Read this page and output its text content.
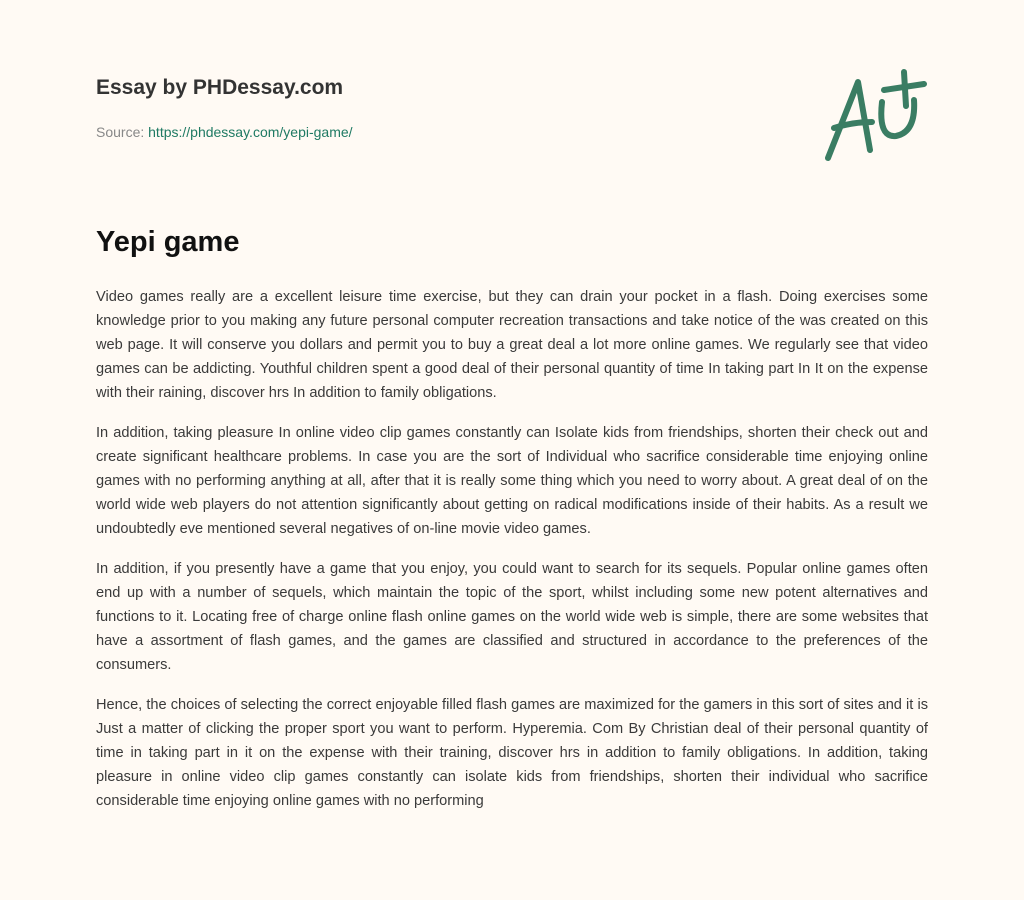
Essay by PHDessay.com
Source: https://phdessay.com/yepi-game/
Yepi game

Video games really are a excellent leisure time exercise, but they can drain your pocket in a flash. Doing exercises some knowledge prior to you making any future personal computer recreation transactions and take notice of the was created on this web page. It will conserve you dollars and permit you to buy a great deal a lot more online games. We regularly see that video games can be addicting. Youthful children spent a good deal of their personal quantity of time In taking part In It on the expense with their raining, discover hrs In addition to family obligations.

In addition, taking pleasure In online video clip games constantly can Isolate kids from friendships, shorten their check out and create significant healthcare problems. In case you are the sort of Individual who sacrifice considerable time enjoying online games with no performing anything at all, after that it is really some thing which you need to worry about. A great deal of on the world wide web players do not attention significantly about getting on radical modifications inside of their habits. As a result we undoubtedly eve mentioned several negatives of on-line movie video games.

In addition, if you presently have a game that you enjoy, you could want to search for its sequels. Popular online games often end up with a number of sequels, which maintain the topic of the sport, whilst including some new potent alternatives and functions to it. Locating free of charge online flash online games on the world wide web is simple, there are some websites that have a assortment of flash games, and the games are classified and structured in accordance to the preferences of the consumers.

Hence, the choices of selecting the correct enjoyable filled flash games are maximized for the gamers in this sort of sites and it is Just a matter of clicking the proper sport you want to perform. Hyperemia. Com By Christian deal of their personal quantity of time in taking part in it on the expense with their training, discover hrs in addition to family obligations. In addition, taking pleasure in online video clip games constantly can isolate kids from friendships, shorten their individual who sacrifice considerable time enjoying online games with no performing
